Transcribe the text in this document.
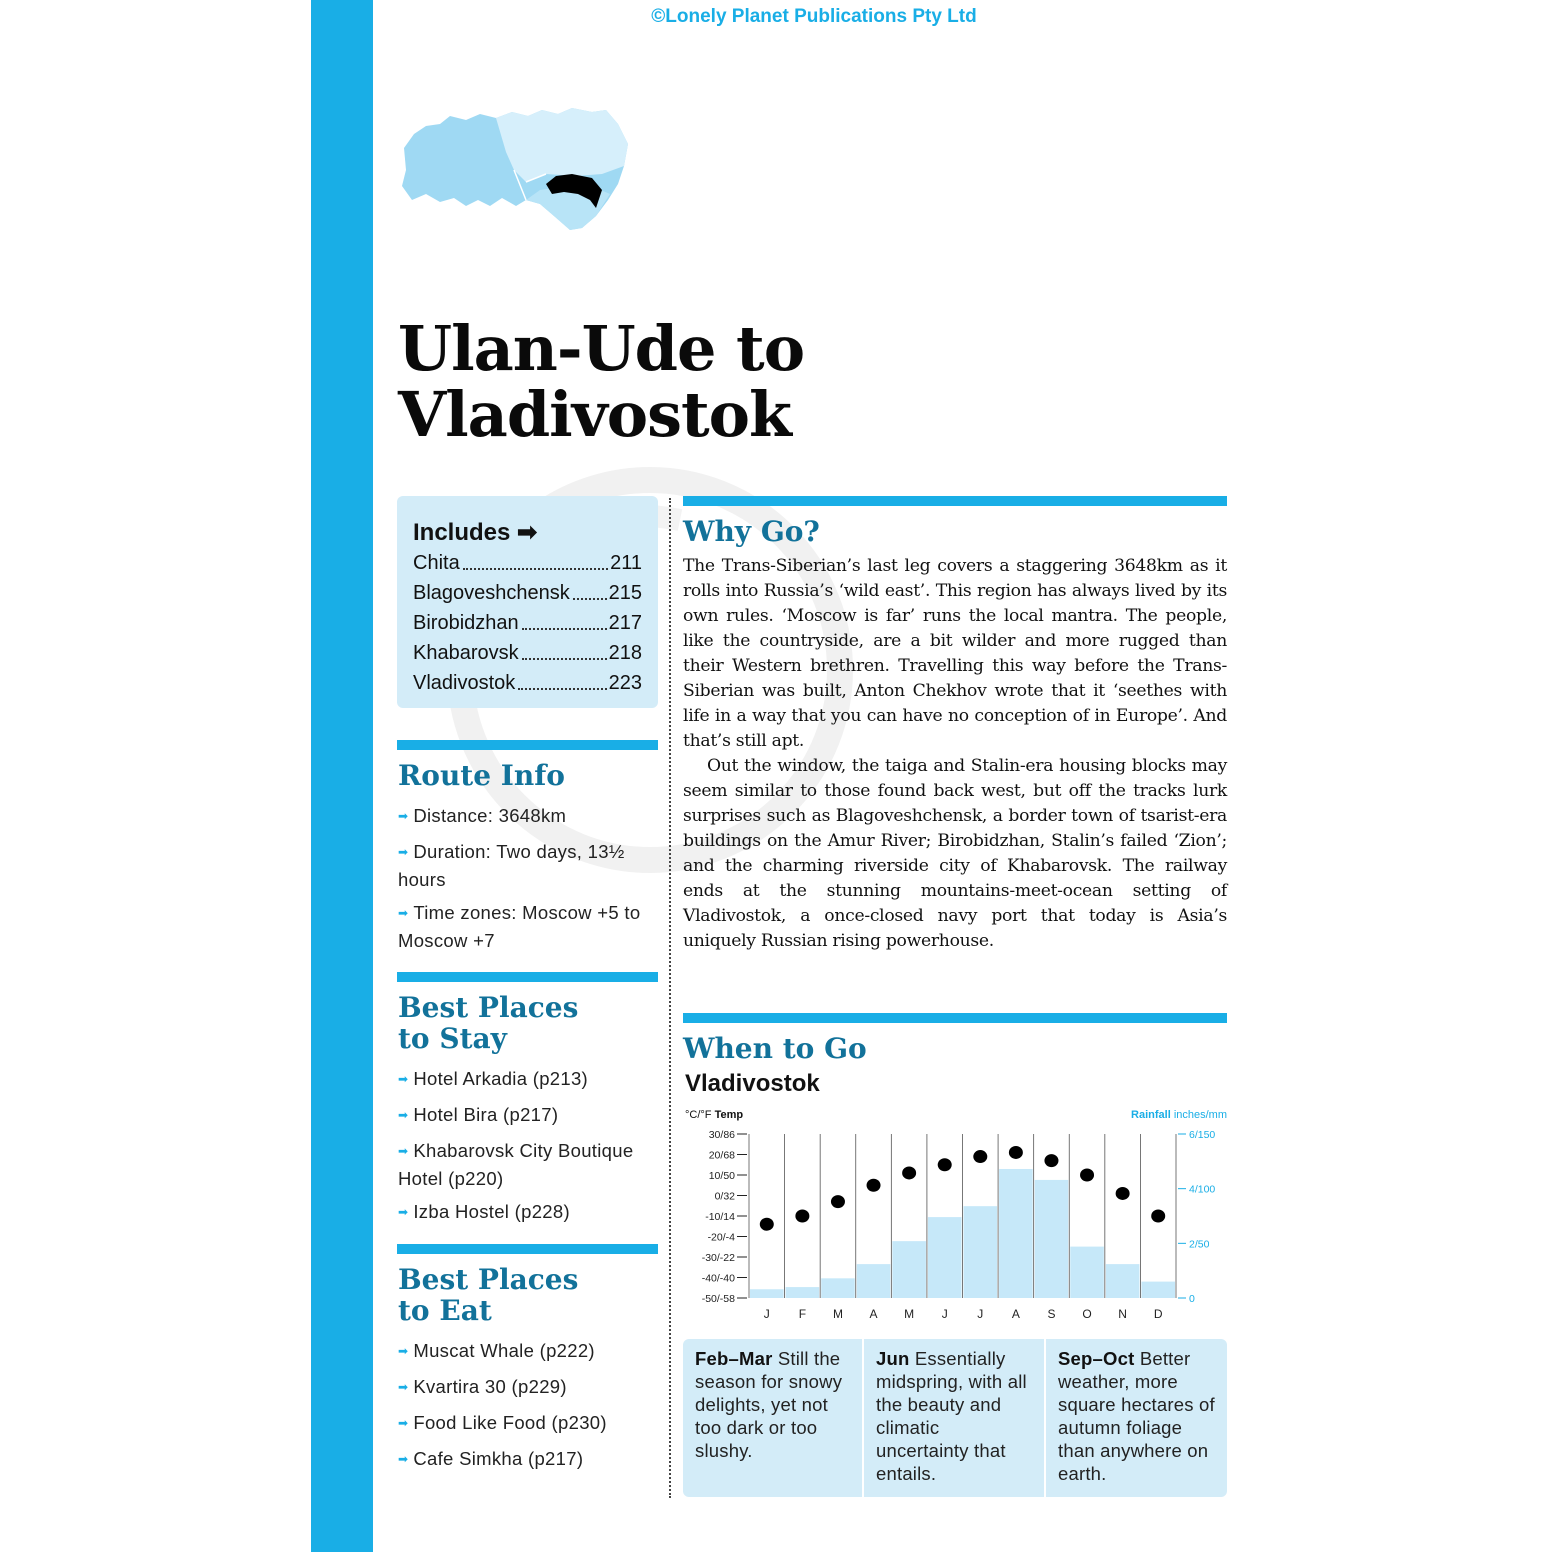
©Lonely Planet Publications Pty Ltd
Ulan-Ude to
Vladivostok
Includes ➡
Chita	211
Blagoveshchensk 215
Birobidzhan	217
Khabarovsk	218
Vladivostok	223
Route Info
➡ Distance: 3648km
➡ Duration: Two days, 13½ hours
➡ Time zones: Moscow +5 to Moscow +7
Best Places
to Stay
➡ Hotel Arkadia (p213)
➡ Hotel Bira (p217)
➡ Khabarovsk City Boutique Hotel (p220)
➡ Izba Hostel (p228)
Best Places
to Eat
➡ Muscat Whale (p222)
➡ Kvartira 30 (p229)
➡ Food Like Food (p230)
➡ Cafe Simkha (p217)
Why Go?

The Trans-Siberian’s last leg covers a staggering 3648km as it rolls into Russia’s ‘wild east’. This region has always lived by its own rules. ‘Moscow is far’ runs the local mantra. The people, like the countryside, are a bit wilder and more rugged than their Western brethren. Travelling this way before the Trans-Siberian was built, Anton Chekhov wrote that it ‘seethes with life in a way that you can have no conception of in Europe’. And that’s still apt.

Out the window, the taiga and Stalin-era housing blocks may seem similar to those found back west, but off the tracks lurk surprises such as Blagoveshchensk, a border town of tsarist-era buildings on the Amur River; Birobidzhan, Stalin’s failed ‘Zion’; and the charming riverside city of Khabarovsk. The railway ends at the stunning mountains-meet-ocean setting of Vladivostok, a once-closed navy port that today is Asia’s uniquely Russian rising powerhouse.

When to Go
Vladivostok
°C/°F Temp	Rainfall inches/mm
30/86
20/68
10/50
0/32
-10/14
-20/-4
-30/-22
-40/-40
-50/-58
6/150
4/100
2/50
0
J F M A M J J A S O N D
Feb–Mar Still the season for snowy delights, yet not too dark or too slushy.
Jun Essentially midspring, with all the beauty and climatic uncertainty that entails.
Sep–Oct Better weather, more square hectares of autumn foliage than anywhere on earth.
